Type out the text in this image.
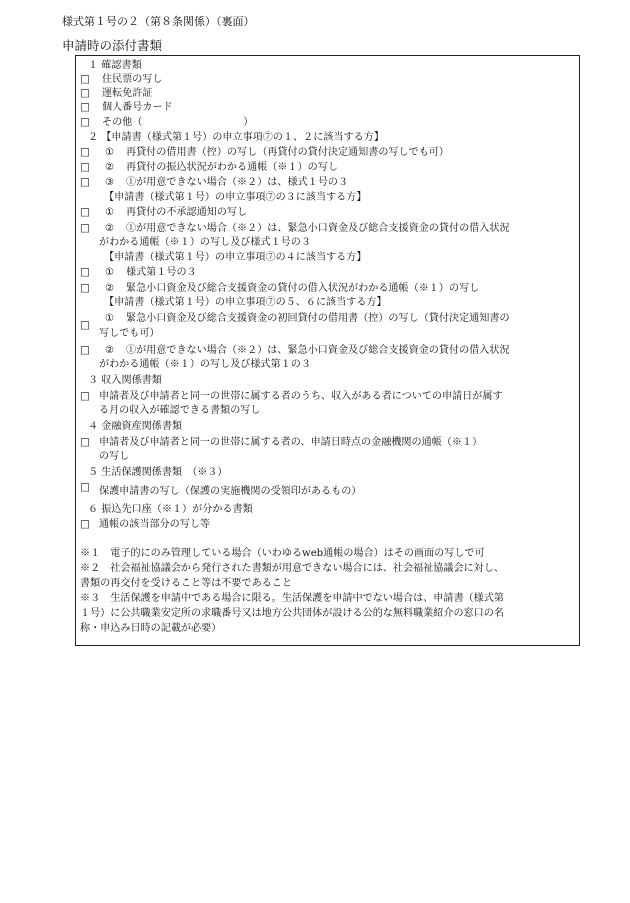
様式第１号の２（第８条関係）（裏面）
申請時の添付書類
１ 確認書類
□ 住民票の写し
□ 運転免許証
□ 個人番号カード
□ その他（　　　　　　　　　　）
２ 【申請書（様式第１号）の申立事項⑦の１、２に該当する方】
□ ① 再貸付の借用書（控）の写し（再貸付の貸付決定通知書の写しでも可）
□ ② 再貸付の振込状況がわかる通帳（※１）の写し
□ ③ ①が用意できない場合（※２）は、様式１号の３
【申請書（様式第１号）の申立事項⑦の３に該当する方】
□ ① 再貸付の不承認通知の写し
□ ② ①が用意できない場合（※２）は、緊急小口資金及び総合支援資金の貸付の借入状況
がわかる通帳（※１）の写し及び様式１号の３
【申請書（様式第１号）の申立事項⑦の４に該当する方】
□ ① 様式第１号の３
□ ② 緊急小口資金及び総合支援資金の貸付の借入状況がわかる通帳（※１）の写し
【申請書（様式第１号）の申立事項⑦の５、６に該当する方】
□
① 緊急小口資金及び総合支援資金の初回貸付の借用書（控）の写し（貸付決定通知書の
写しでも可）
□ ② ①が用意できない場合（※２）は、緊急小口資金及び総合支援資金の貸付の借入状況
がわかる通帳（※１）の写し及び様式第１の３
３ 収入関係書類
□ 申請者及び申請者と同一の世帯に属する者のうち、収入がある者についての申請日が属す
る月の収入が確認できる書類の写し
４ 金融資産関係書類
□ 申請者及び申請者と同一の世帯に属する者の、申請日時点の金融機関の通帳（※１）
の写し
５ 生活保護関係書類　（※３）
□ 保護申請書の写し（保護の実施機関の受領印があるもの）
６ 振込先口座（※１）が分かる書類
□ 通帳の該当部分の写し等
※１　電子的にのみ管理している場合（いわゆるweb通帳の場合）はその画面の写しで可
※２　社会福祉協議会から発行された書類が用意できない場合には、社会福祉協議会に対し、
書類の再交付を受けること等は不要であること
※３　生活保護を申請中である場合に限る。生活保護を申請中でない場合は、申請書（様式第
１号）に公共職業安定所の求職番号又は地方公共団体が設ける公的な無料職業紹介の窓口の名
称・申込み日時の記載が必要）
